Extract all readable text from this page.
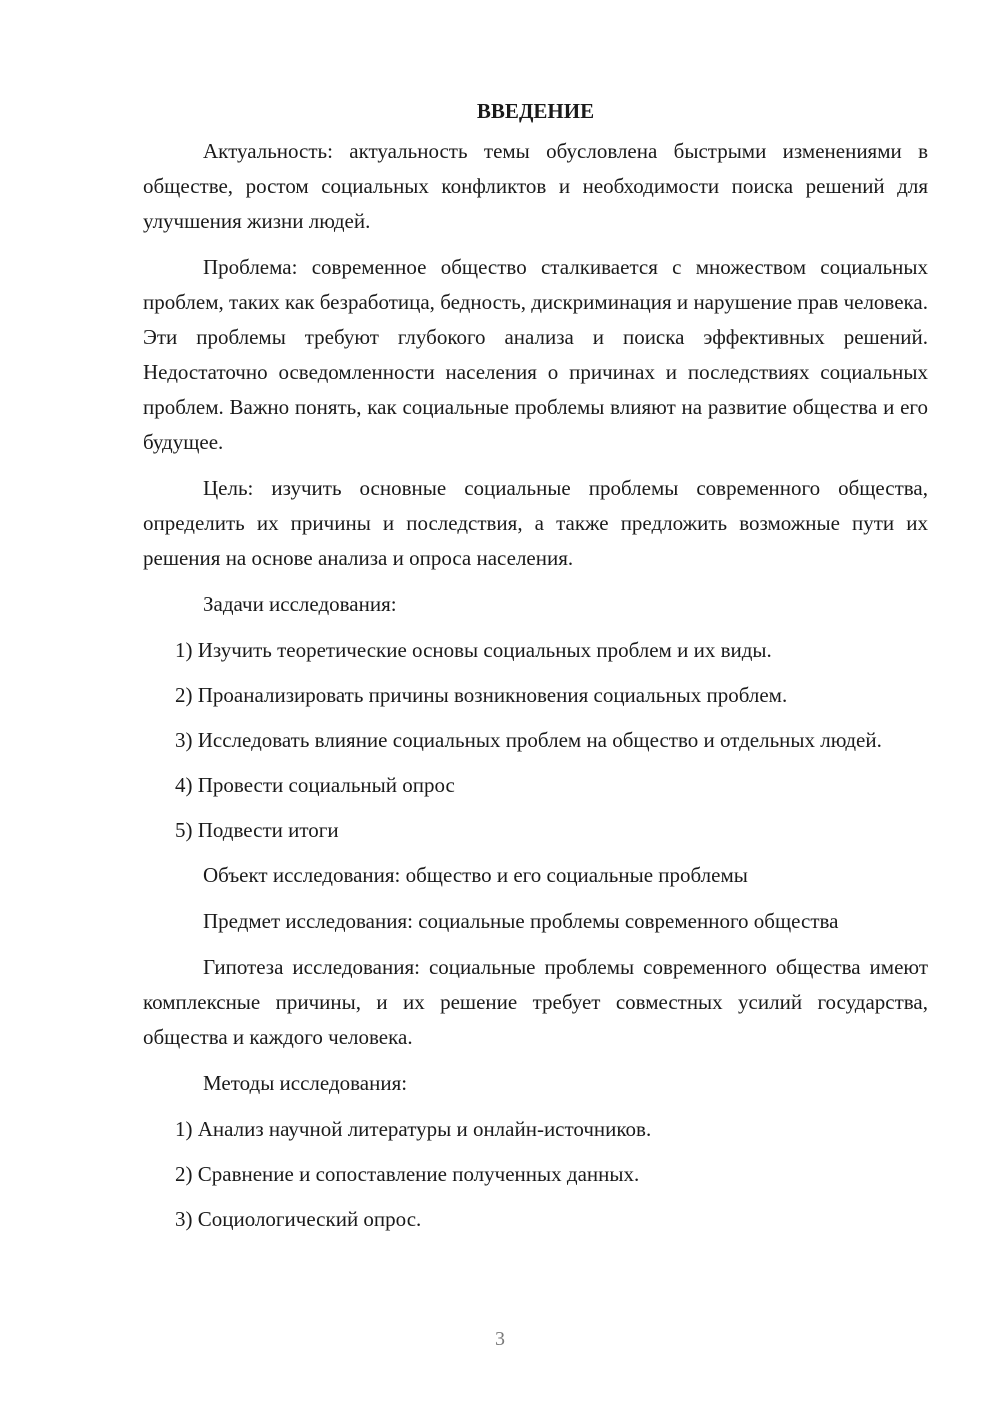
ВВЕДЕНИЕ

Актуальность: актуальность темы обусловлена быстрыми изменениями в обществе, ростом социальных конфликтов и необходимости поиска решений для улучшения жизни людей.

Проблема: современное общество сталкивается с множеством социальных проблем, таких как безработица, бедность, дискриминация и нарушение прав человека. Эти проблемы требуют глубокого анализа и поиска эффективных решений. Недостаточно осведомленности населения о причинах и последствиях социальных проблем. Важно понять, как социальные проблемы влияют на развитие общества и его будущее.

Цель: изучить основные социальные проблемы современного общества, определить их причины и последствия, а также предложить возможные пути их решения на основе анализа и опроса населения.

Задачи исследования:

1) Изучить теоретические основы социальных проблем и их виды.

2) Проанализировать причины возникновения социальных проблем.

3) Исследовать влияние социальных проблем на общество и отдельных людей.

4) Провести социальный опрос

5) Подвести итоги

Объект исследования: общество и его социальные проблемы

Предмет исследования: социальные проблемы современного общества

Гипотеза исследования: социальные проблемы современного общества имеют комплексные причины, и их решение требует совместных усилий государства, общества и каждого человека.

Методы исследования:

1) Анализ научной литературы и онлайн-источников.

2) Сравнение и сопоставление полученных данных.

3) Социологический опрос.

3
